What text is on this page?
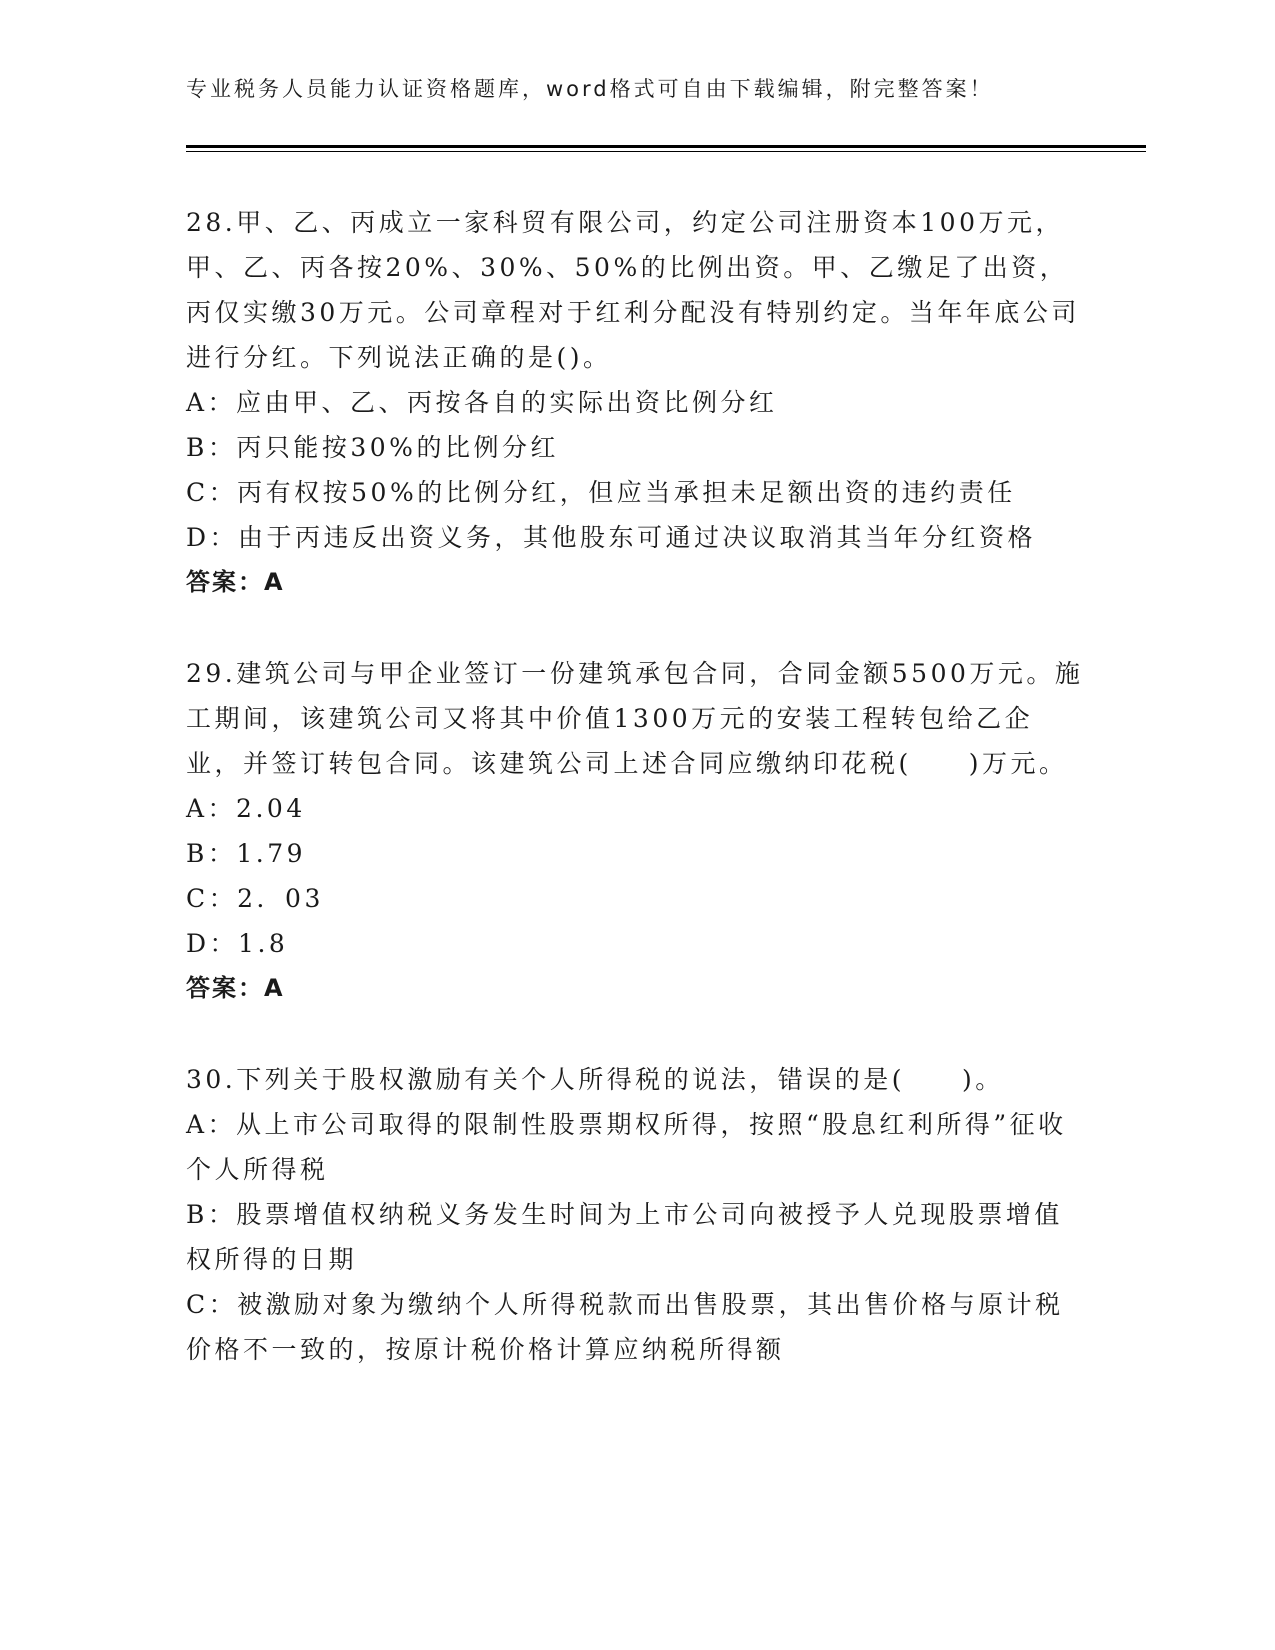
专业税务人员能力认证资格题库，word格式可自由下载编辑，附完整答案！

28.甲、乙、丙成立一家科贸有限公司，约定公司注册资本100万元，甲、乙、丙各按20%、30%、50%的比例出资。甲、乙缴足了出资，丙仅实缴30万元。公司章程对于红利分配没有特别约定。当年年底公司进行分红。下列说法正确的是()。

A：应由甲、乙、丙按各自的实际出资比例分红

B：丙只能按30%的比例分红

C：丙有权按50%的比例分红，但应当承担未足额出资的违约责任

D：由于丙违反出资义务，其他股东可通过决议取消其当年分红资格

答案：A

29.建筑公司与甲企业签订一份建筑承包合同，合同金额5500万元。施工期间，该建筑公司又将其中价值1300万元的安装工程转包给乙企业，并签订转包合同。该建筑公司上述合同应缴纳印花税(　　)万元。

A：2.04

B：1.79

C：2．03

D：1.8

答案：A

30.下列关于股权激励有关个人所得税的说法，错误的是(　　)。

A：从上市公司取得的限制性股票期权所得，按照“股息红利所得”征收个人所得税

B：股票增值权纳税义务发生时间为上市公司向被授予人兑现股票增值权所得的日期

C：被激励对象为缴纳个人所得税款而出售股票，其出售价格与原计税价格不一致的，按原计税价格计算应纳税所得额
